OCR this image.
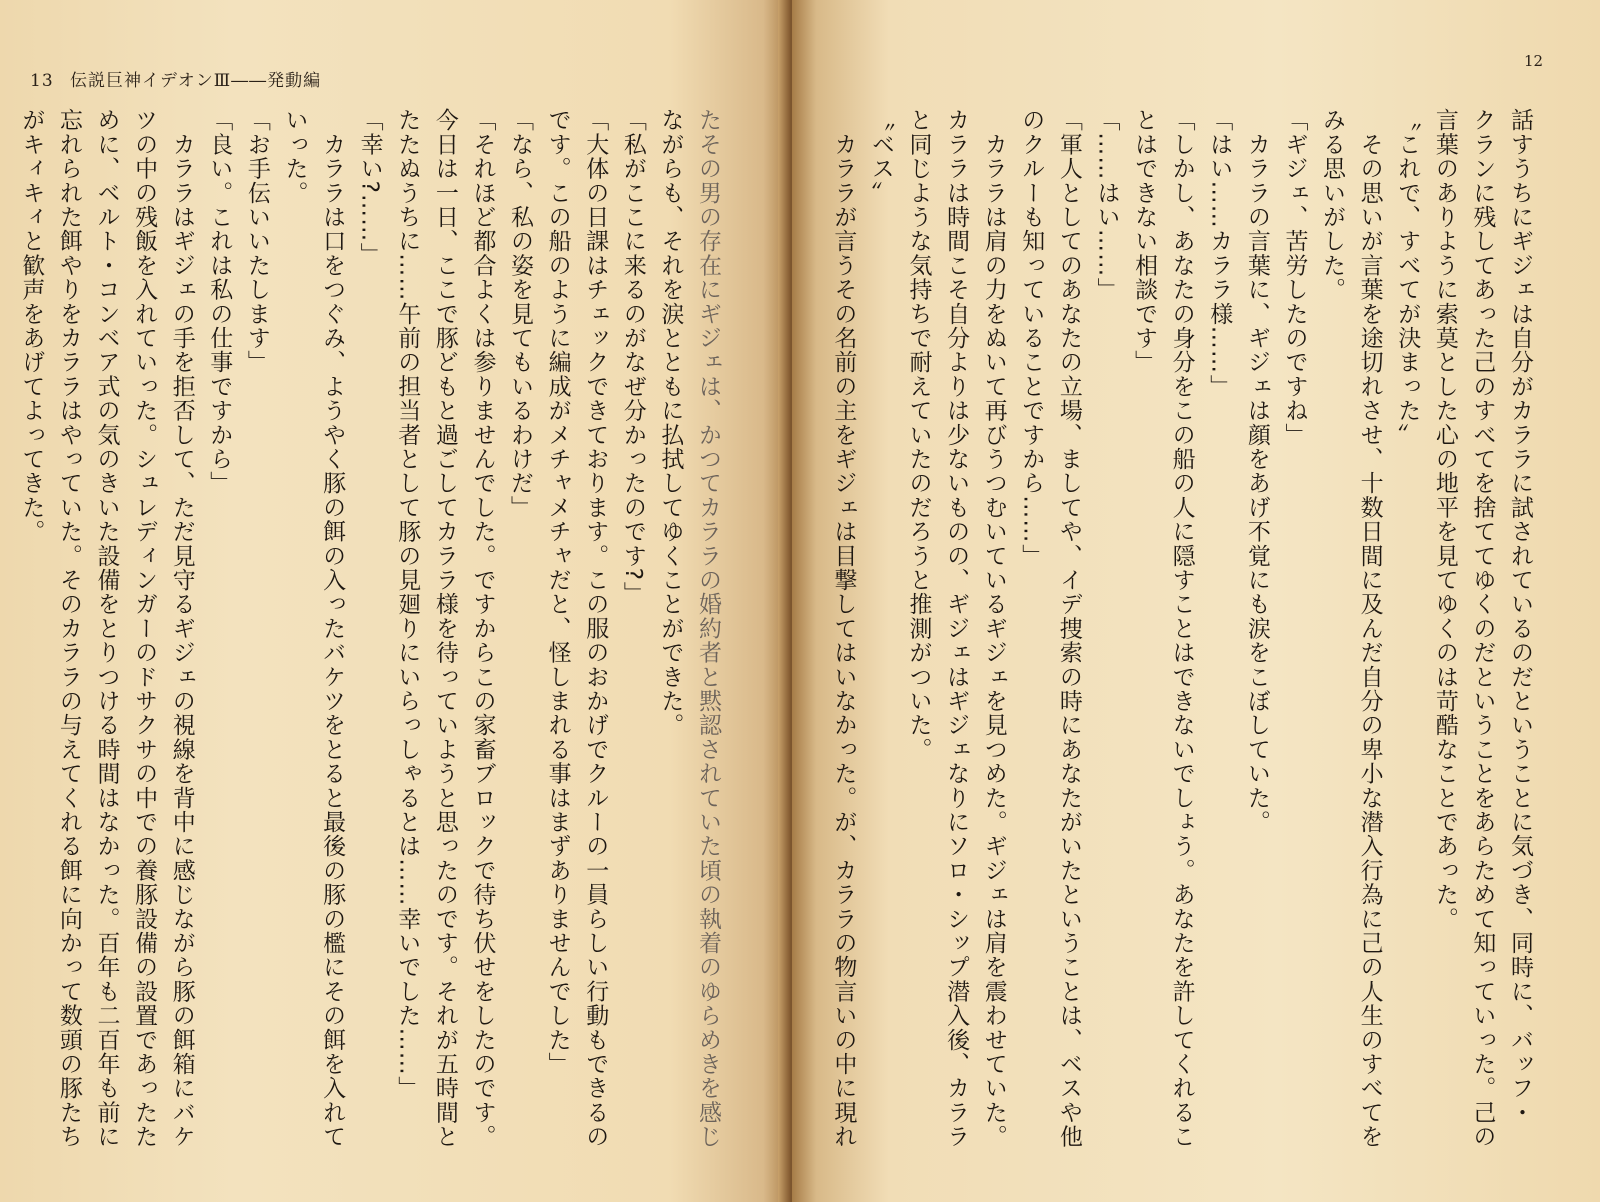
13 伝説巨神イデオンⅢ――発動編
12
たその男の存在にギジェは、かつてカララの婚約者と黙認されていた頃の執着のゆらめきを感じ
ながらも、それを涙とともに払拭してゆくことができた。
「私がここに来るのがなぜ分かったのです?」
「大体の日課はチェックできております。この服のおかげでクルーの一員らしい行動もできるの
です。この船のように編成がメチャメチャだと、怪しまれる事はまずありませんでした」
「なら、私の姿を見てもいるわけだ」
「それほど都合よくは参りませんでした。ですからこの家畜ブロックで待ち伏せをしたのです。
今日は一日、ここで豚どもと過ごしてカララ様を待っていようと思ったのです。それが五時間と
たたぬうちに……午前の担当者として豚の見廻りにいらっしゃるとは……幸いでした……」
「幸い?……」
　カララは口をつぐみ、ようやく豚の餌の入ったバケツをとると最後の豚の檻にその餌を入れて
いった。
「お手伝いいたします」
「良い。これは私の仕事ですから」
　カララはギジェの手を拒否して、ただ見守るギジェの視線を背中に感じながら豚の餌箱にバケ
ツの中の残飯を入れていった。シュレディンガーのドサクサの中での養豚設備の設置であったた
めに、ベルト・コンベア式の気のきいた設備をとりつける時間はなかった。百年も二百年も前に
忘れられた餌やりをカララはやっていた。そのカララの与えてくれる餌に向かって数頭の豚たち
がキィキィと歓声をあげてよってきた。	話すうちにギジェは自分がカララに試されているのだということに気づき、同時に、バッフ・
クランに残してあった己のすべてを捨ててゆくのだということをあらためて知っていった。己の
言葉のありように索莫とした心の地平を見てゆくのは苛酷なことであった。
〝これで、すべてが決まった〟
　その思いが言葉を途切れさせ、十数日間に及んだ自分の卑小な潜入行為に己の人生のすべてを
みる思いがした。
「ギジェ、苦労したのですね」
　カララの言葉に、ギジェは顔をあげ不覚にも涙をこぼしていた。
「はい……カララ様……」
「しかし、あなたの身分をこの船の人に隠すことはできないでしょう。あなたを許してくれるこ
とはできない相談です」
「……はい……」
「軍人としてのあなたの立場、ましてや、イデ捜索の時にあなたがいたということは、ベスや他
のクルーも知っていることですから……」
　カララは肩の力をぬいて再びうつむいているギジェを見つめた。ギジェは肩を震わせていた。
カララは時間こそ自分よりは少ないものの、ギジェはギジェなりにソロ・シップ潜入後、カララ
と同じような気持ちで耐えていたのだろうと推測がついた。
〝ベス〟
　カララが言うその名前の主をギジェは目撃してはいなかった。が、カララの物言いの中に現れ
